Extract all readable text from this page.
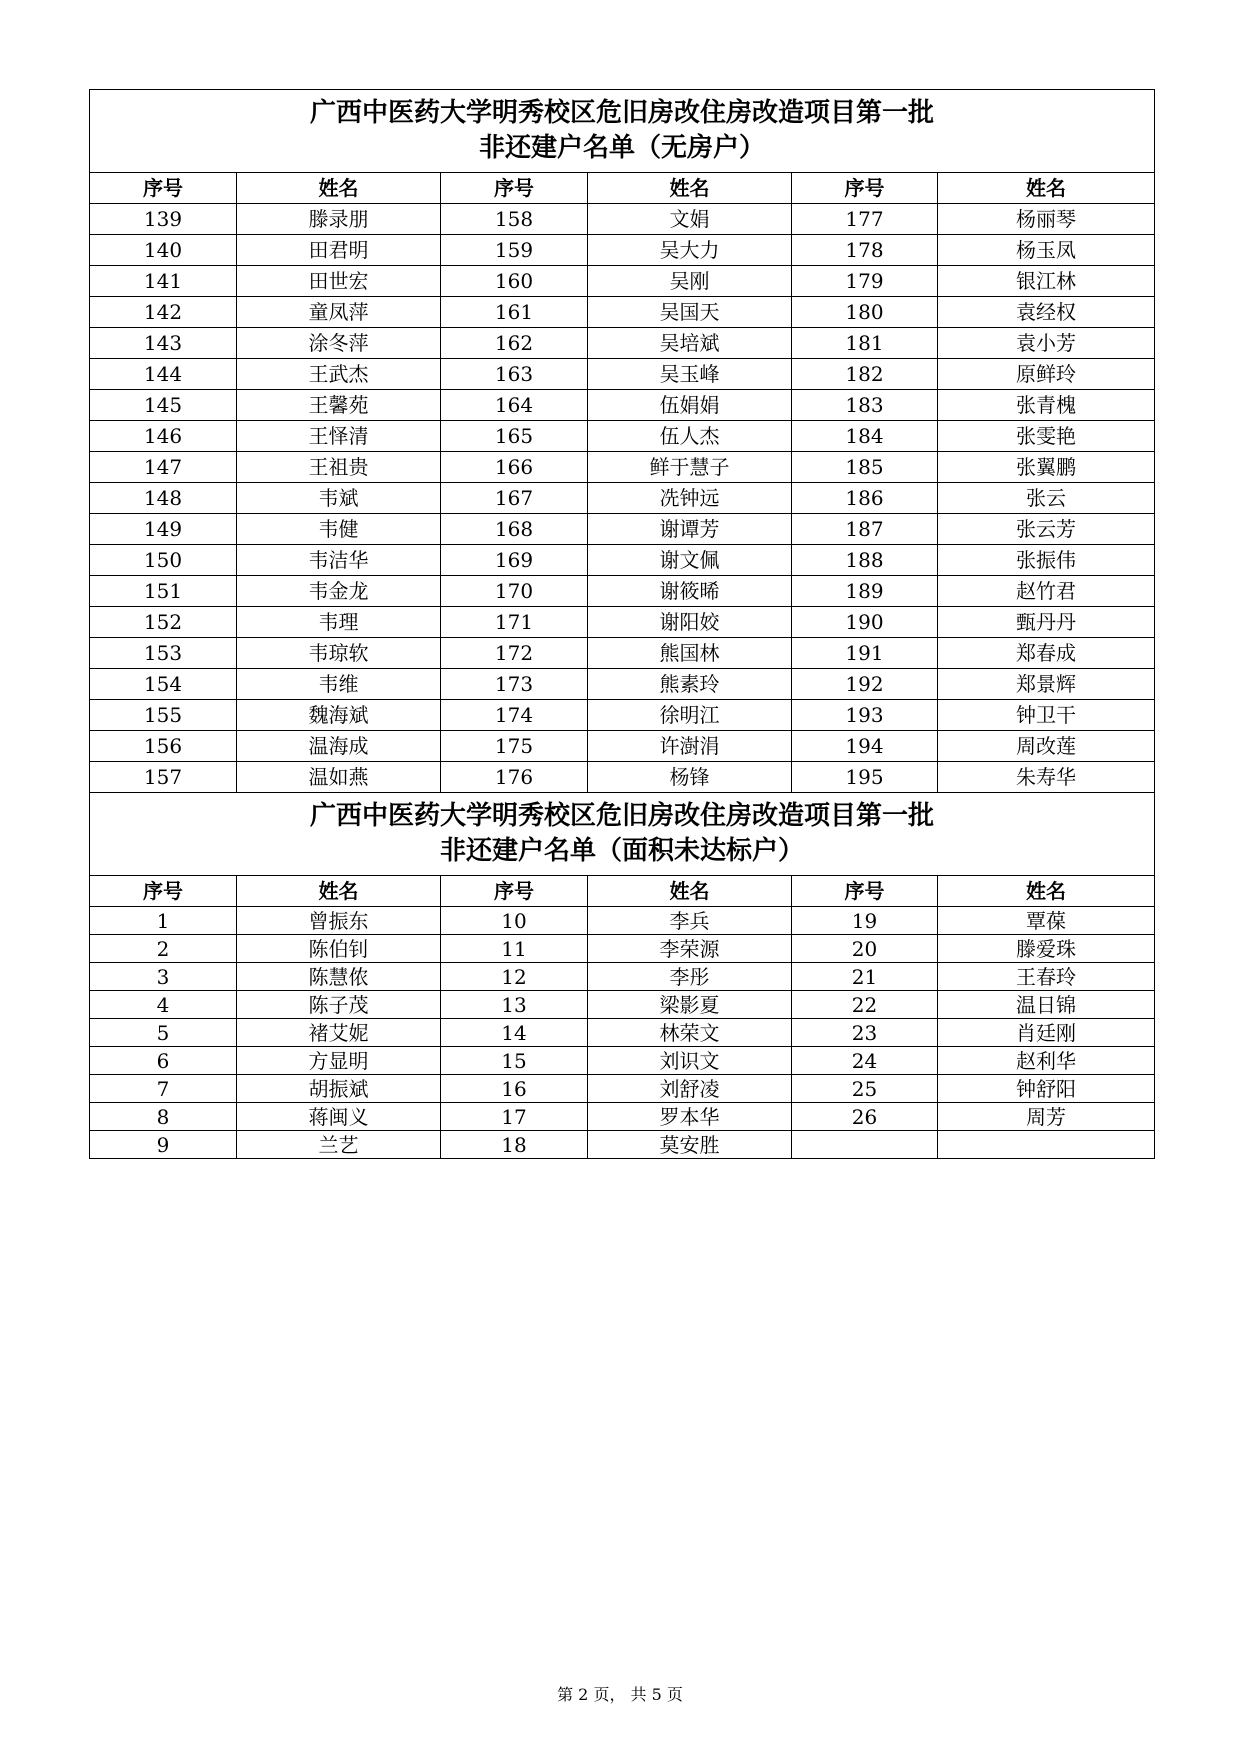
广西中医药大学明秀校区危旧房改住房改造项目第一批
非还建户名单（无房户）					

序号	姓名	序号	姓名	序号	姓名
139	滕录朋	158	文娟	177	杨丽琴
140	田君明	159	吴大力	178	杨玉凤
141	田世宏	160	吴刚	179	银江林
142	童凤萍	161	吴国天	180	袁经权
143	涂冬萍	162	吴培斌	181	袁小芳
144	王武杰	163	吴玉峰	182	原鲜玲
145	王馨苑	164	伍娟娟	183	张青槐
146	王怿清	165	伍人杰	184	张雯艳
147	王祖贵	166	鲜于慧子	185	张翼鹏
148	韦斌	167	冼钟远	186	张云
149	韦健	168	谢谭芳	187	张云芳
150	韦洁华	169	谢文佩	188	张振伟
151	韦金龙	170	谢筱晞	189	赵竹君
152	韦理	171	谢阳姣	190	甄丹丹
153	韦琼软	172	熊国林	191	郑春成
154	韦维	173	熊素玲	192	郑景辉
155	魏海斌	174	徐明江	193	钟卫干
156	温海成	175	许澍涓	194	周改莲
157	温如燕	176	杨锋	195	朱寿华

广西中医药大学明秀校区危旧房改住房改造项目第一批
非还建户名单（面积未达标户）					

序号	姓名	序号	姓名	序号	姓名
1	曾振东	10	李兵	19	覃葆
2	陈伯钊	11	李荣源	20	滕爱珠
3	陈慧侬	12	李彤	21	王春玲
4	陈子茂	13	梁影夏	22	温日锦
5	褚艾妮	14	林荣文	23	肖廷刚
6	方显明	15	刘识文	24	赵利华
7	胡振斌	16	刘舒凌	25	钟舒阳
8	蒋闽义	17	罗本华	26	周芳
9	兰艺	18	莫安胜		
第 2 页， 共 5 页
